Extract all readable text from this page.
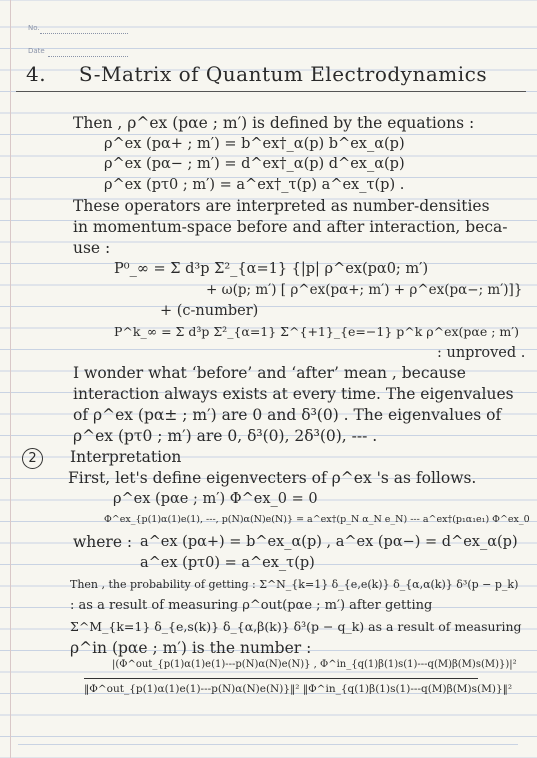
No.
Date
4. S-Matrix of Quantum Electrodynamics
Then , ρ^ex (pαe ; m′) is defined by the equations :
ρ^ex (pα+ ; m′) = b^ex†_α(p) b^ex_α(p)
ρ^ex (pα− ; m′) = d^ex†_α(p) d^ex_α(p)
ρ^ex (pτ0 ; m′) = a^ex†_τ(p) a^ex_τ(p) .
These operators are interpreted as number-densities
in momentum-space before and after interaction, beca-
use :
P⁰_∞ = Σ d³p Σ²_{α=1} {|p| ρ^ex(pα0; m′)
+ ω(p; m′) [ ρ^ex(pα+; m′) + ρ^ex(pα−; m′)]}
+ (c-number)
P^k_∞ = Σ d³p Σ²_{α=1} Σ^{+1}_{e=−1} p^k ρ^ex(pαe ; m′)
: unproved .
I wonder what ‘before’ and ‘after’ mean , because
interaction always exists at every time. The eigenvalues
of ρ^ex (pα± ; m′) are 0 and δ³(0) . The eigenvalues of
ρ^ex (pτ0 ; m′) are 0, δ³(0), 2δ³(0), --- .
2	Interpretation
First, let's define eigenvecters of ρ^ex 's as follows.
ρ^ex (pαe ; m′) Φ^ex_0 = 0
Φ^ex_{p(1)α(1)e(1), ---, p(N)α(N)e(N)} = a^ex†(p_N α_N e_N) --- a^ex†(p₁α₁e₁) Φ^ex_0
where : a^ex (pα+) = b^ex_α(p) , a^ex (pα−) = d^ex_α(p)
a^ex (pτ0) = a^ex_τ(p)
Then , the probability of getting : Σ^N_{k=1} δ_{e,e(k)} δ_{α,α(k)} δ³(p − p_k)
: as a result of measuring ρ^out(pαe ; m′) after getting
Σ^M_{k=1} δ_{e,s(k)} δ_{α,β(k)} δ³(p − q_k) as a result of measuring
ρ^in (pαe ; m′) is the number :
|(Φ^out_{p(1)α(1)e(1)---p(N)α(N)e(N)} , Φ^in_{q(1)β(1)s(1)---q(M)β(M)s(M)})|²
‖Φ^out_{p(1)α(1)e(1)---p(N)α(N)e(N)}‖² ‖Φ^in_{q(1)β(1)s(1)---q(M)β(M)s(M)}‖²
